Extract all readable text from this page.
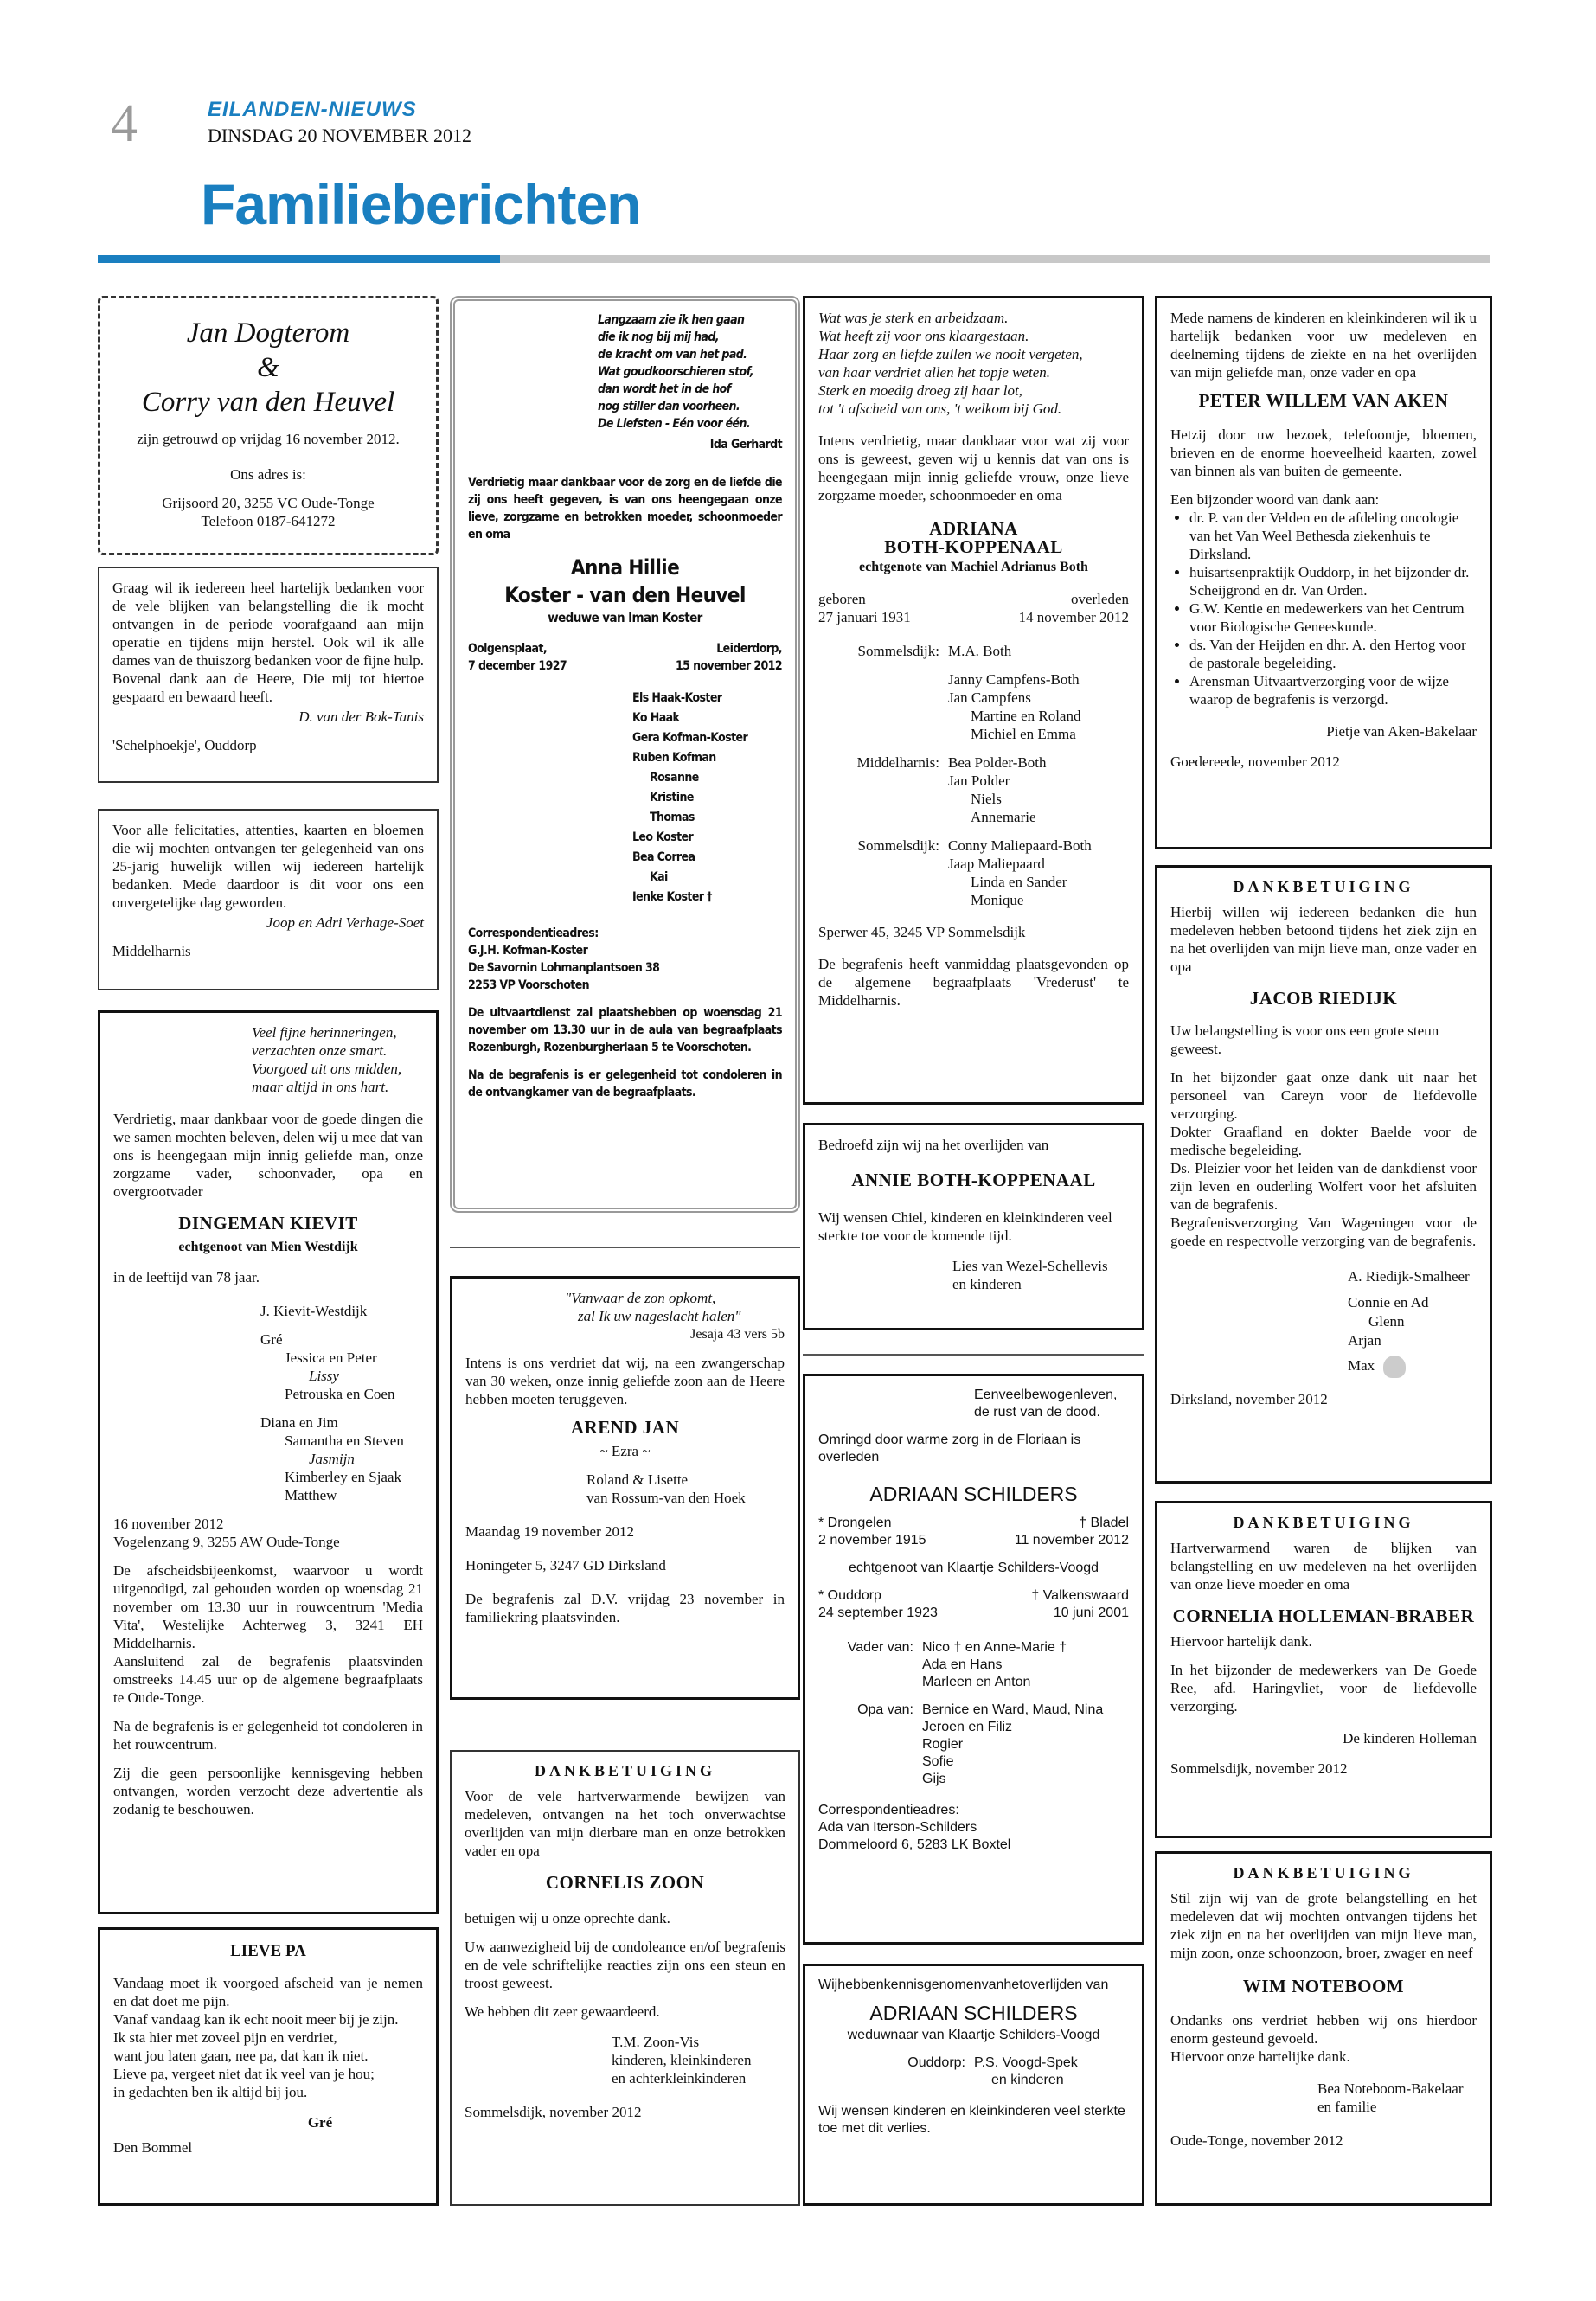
4	EILANDEN-NIEUWS
DINSDAG 20 NOVEMBER 2012
Familieberichten
Jan Dogterom
&
Corry van den Heuvel

zijn getrouwd op vrijdag 16 november 2012.

Ons adres is:

Grijsoord 20, 3255 VC Oude-Tonge
Telefoon 0187-641272

Graag wil ik iedereen heel hartelijk bedanken voor de vele blijken van belangstelling die ik mocht ontvangen in de periode voorafgaand aan mijn operatie en tijdens mijn herstel. Ook wil ik alle dames van de thuiszorg bedanken voor de fijne hulp. Bovenal dank aan de Heere, Die mij tot hiertoe gespaard en bewaard heeft.

D. van der Bok-Tanis

'Schelphoekje', Ouddorp

Voor alle felicitaties, attenties, kaarten en bloemen die wij mochten ontvangen ter gelegenheid van ons 25-jarig huwelijk willen wij iedereen hartelijk bedanken. Mede daardoor is dit voor ons een onvergetelijke dag geworden.

Joop en Adri Verhage-Soet

Middelharnis
Veel fijne herinneringen,
verzachten onze smart.
Voorgoed uit ons midden,
maar altijd in ons hart.

Verdrietig, maar dankbaar voor de goede dingen die we samen mochten beleven, delen wij u mee dat van ons is heengegaan mijn innig geliefde man, onze zorgzame vader, schoonvader, opa en overgrootvader

DINGEMAN KIEVIT

echtgenoot van Mien Westdijk

in de leeftijd van 78 jaar.

J. Kievit-Westdijk

Gré
Jessica en Peter
Lissy
Petrouska en Coen
Diana en Jim
Samantha en Steven
Jasmijn
Kimberley en Sjaak
Matthew
16 november 2012

Vogelenzang 9, 3255 AW Oude-Tonge

De afscheidsbijeenkomst, waarvoor u wordt uitgenodigd, zal gehouden worden op woensdag 21 november om 13.30 uur in rouwcentrum 'Media Vita', Westelijke Achterweg 3, 3241 EH Middelharnis.

Aansluitend zal de begrafenis plaatsvinden omstreeks 14.45 uur op de algemene begraafplaats te Oude-Tonge.

Na de begrafenis is er gelegenheid tot condoleren in het rouwcentrum.

Zij die geen persoonlijke kennisgeving hebben ontvangen, worden verzocht deze advertentie als zodanig te beschouwen.

LIEVE PA
Vandaag moet ik voorgoed afscheid van je nemen en dat doet me pijn.
Vanaf vandaag kan ik echt nooit meer bij je zijn.
Ik sta hier met zoveel pijn en verdriet,
want jou laten gaan, nee pa, dat kan ik niet.
Lieve pa, vergeet niet dat ik veel van je hou;
in gedachten ben ik altijd bij jou.
Gré
Den Bommel
Langzaam zie ik hen gaan
die ik nog bij mij had,
de kracht om van het pad.
Wat goudkoorschieren stof,
dan wordt het in de hof
nog stiller dan voorheen.
De Liefsten - Eén voor één.
Ida Gerhardt

Verdrietig maar dankbaar voor de zorg en de liefde die zij ons heeft gegeven, is van ons heengegaan onze lieve, zorgzame en betrokken moeder, schoonmoeder en oma

Anna Hillie
Koster - van den Heuvel
weduwe van Iman Koster
Oolgensplaat,
7 december 1927
Leiderdorp,
15 november 2012
Els Haak-Koster
Ko Haak
Gera Kofman-Koster
Ruben Kofman
Rosanne
Kristine
Thomas
Leo Koster
Bea Correa
Kai
Ienke Koster †
Correspondentieadres:
G.J.H. Kofman-Koster
De Savornin Lohmanplantsoen 38

2253 VP Voorschoten

De uitvaartdienst zal plaatshebben op woensdag 21 november om 13.30 uur in de aula van begraafplaats Rozenburgh, Rozenburgherlaan 5 te Voorschoten.

Na de begrafenis is er gelegenheid tot condoleren in de ontvangkamer van de begraafplaats.

"Vanwaar de zon opkomt,
zal Ik uw nageslacht halen"

Jesaja 43 vers 5b

Intens is ons verdriet dat wij, na een zwangerschap van 30 weken, onze innig geliefde zoon aan de Heere hebben moeten teruggeven.

AREND JAN

~ Ezra ~

Roland & Lisette

van Rossum-van den Hoek

Maandag 19 november 2012

Honingeter 5, 3247 GD Dirksland

De begrafenis zal D.V. vrijdag 23 november in familiekring plaatsvinden.
DANKBETUIGING

Voor de vele hartverwarmende bewijzen van medeleven, ontvangen na het toch onverwachtse overlijden van mijn dierbare man en onze betrokken vader en opa

CORNELIS ZOON

betuigen wij u onze oprechte dank.

Uw aanwezigheid bij de condoleance en/of begrafenis en de vele schriftelijke reacties zijn ons een steun en troost geweest.

We hebben dit zeer gewaardeerd.

T.M. Zoon-Vis
kinderen, kleinkinderen
en achterkleinkinderen
Sommelsdijk, november 2012
Wat was je sterk en arbeidzaam.
Wat heeft zij voor ons klaargestaan.
Haar zorg en liefde zullen we nooit vergeten,
van haar verdriet allen het topje weten.
Sterk en moedig droeg zij haar lot,
tot 't afscheid van ons, 't welkom bij God.

Intens verdrietig, maar dankbaar voor wat zij voor ons is geweest, geven wij u kennis dat van ons is heengegaan mijn innig geliefde vrouw, onze lieve zorgzame moeder, schoonmoeder en oma

ADRIANA
BOTH-KOPPENAAL

echtgenote van Machiel Adrianus Both

geboren
27 januari 1931
overleden
14 november 2012
Sommelsdijk: M.A. Both
Janny Campfens-Both
Jan Campfens
Martine en Roland
Michiel en Emma
Middelharnis: Bea Polder-Both
Jan Polder
Niels
Annemarie
Sommelsdijk: Conny Maliepaard-Both
Jaap Maliepaard
Linda en Sander
Monique

Sperwer 45, 3245 VP Sommelsdijk

De begrafenis heeft vanmiddag plaatsgevonden op de algemene begraafplaats 'Vrederust' te Middelharnis.
Bedroefd zijn wij na het overlijden van
ANNIE BOTH-KOPPENAAL

Wij wensen Chiel, kinderen en kleinkinderen veel sterkte toe voor de komende tijd.

Lies van Wezel-Schellevis
en kinderen
Eenveelbewogenleven,

de rust van de dood.

Omringd door warme zorg in de Floriaan is overleden

ADRIAAN SCHILDERS
* Drongelen
2 november 1915
† Bladel
11 november 2012

echtgenoot van Klaartje Schilders-Voogd

* Ouddorp
24 september 1923
† Valkenswaard
10 juni 2001
Vader van: Nico † en Anne-Marie †
Ada en Hans
Marleen en Anton
Opa van: Bernice en Ward, Maud, Nina
Jeroen en Filiz
Rogier
Sofie
Gijs
Correspondentieadres:
Ada van Iterson-Schilders
Dommeloord 6, 5283 LK Boxtel

Wijhebbenkennisgenomenvanhetoverlijden van

ADRIAAN SCHILDERS

weduwnaar van Klaartje Schilders-Voogd

Ouddorp: P.S. Voogd-Spek
en kinderen
Wij wensen kinderen en kleinkinderen veel sterkte toe met dit verlies.

Mede namens de kinderen en kleinkinderen wil ik u hartelijk bedanken voor uw medeleven en deelneming tijdens de ziekte en na het overlijden van mijn geliefde man, onze vader en opa

PETER WILLEM VAN AKEN

Hetzij door uw bezoek, telefoontje, bloemen, brieven en de enorme hoeveelheid kaarten, zowel van binnen als van buiten de gemeente.

Een bijzonder woord van dank aan:
• dr. P. van der Velden en de afdeling oncologie van het Van Weel Bethesda ziekenhuis te Dirksland.
• huisartsenpraktijk Ouddorp, in het bijzonder dr. Scheijgrond en dr. Van Orden.
• G.W. Kentie en medewerkers van het Centrum voor Biologische Geneeskunde.
• ds. Van der Heijden en dhr. A. den Hertog voor de pastorale begeleiding.
• Arensman Uitvaartverzorging voor de wijze waarop de begrafenis is verzorgd.

Pietje van Aken-Bakelaar

Goedereede, november 2012
DANKBETUIGING

Hierbij willen wij iedereen bedanken die hun medeleven hebben betoond tijdens het ziek zijn en na het overlijden van mijn lieve man, onze vader en opa

JACOB RIEDIJK

Uw belangstelling is voor ons een grote steun geweest.

In het bijzonder gaat onze dank uit naar het personeel van Careyn voor de liefdevolle verzorging.
Dokter Graafland en dokter Baelde voor de medische begeleiding.
Ds. Pleizier voor het leiden van de dankdienst voor zijn leven en ouderling Wolfert voor het afsluiten van de begrafenis.

Begrafenisverzorging Van Wageningen voor de goede en respectvolle verzorging van de begrafenis.

A. Riedijk-Smalheer
Connie en Ad
Glenn
Arjan
Max
Dirksland, november 2012
DANKBETUIGING

Hartverwarmend waren de blijken van belangstelling en uw medeleven na het overlijden van onze lieve moeder en oma

CORNELIA HOLLEMAN-BRABER

Hiervoor hartelijk dank.

In het bijzonder de medewerkers van De Goede Ree, afd. Haringvliet, voor de liefdevolle verzorging.

De kinderen Holleman

Sommelsdijk, november 2012
DANKBETUIGING

Stil zijn wij van de grote belangstelling en het medeleven dat wij mochten ontvangen tijdens het ziek zijn en na het overlijden van mijn lieve man, mijn zoon, onze schoonzoon, broer, zwager en neef

WIM NOTEBOOM
Ondanks ons verdriet hebben wij ons hierdoor enorm gesteund gevoeld.

Hiervoor onze hartelijke dank.

Bea Noteboom-Bakelaar
en familie
Oude-Tonge, november 2012
